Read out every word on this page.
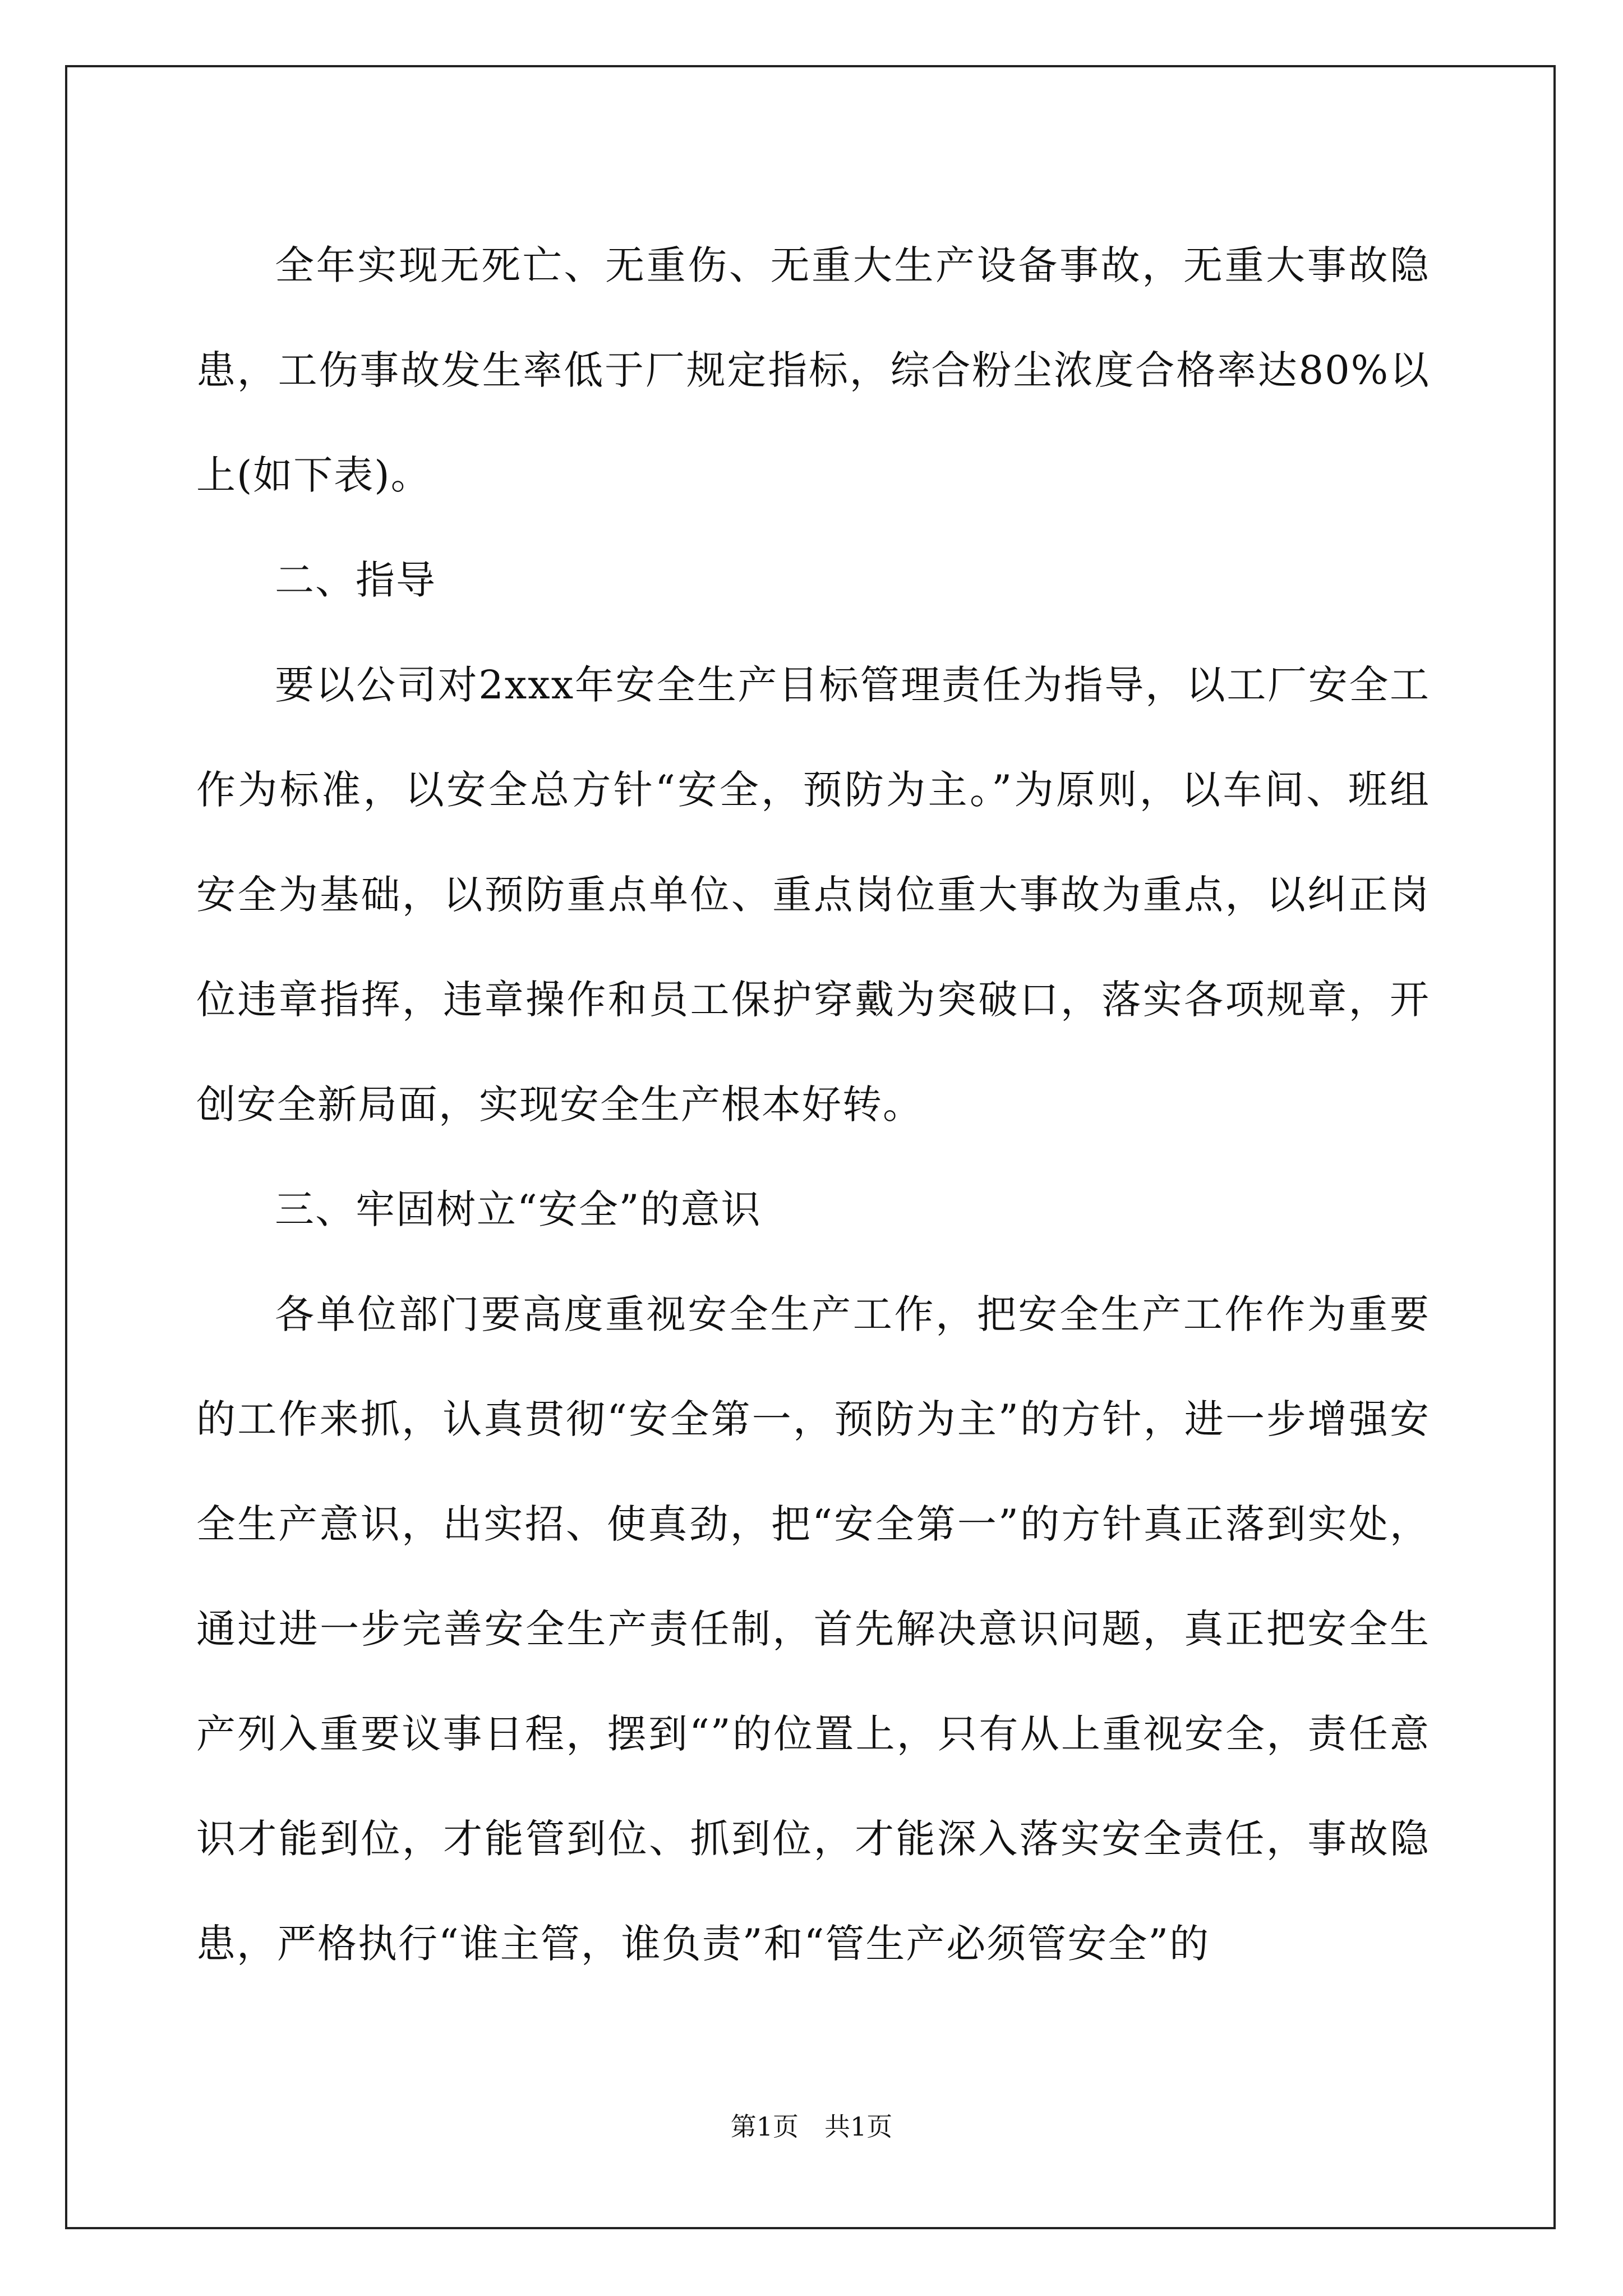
全年实现无死亡、无重伤、无重大生产设备事故，无重大事故隐患，工伤事故发生率低于厂规定指标，综合粉尘浓度合格率达80%以上(如下表)。

二、指导

要以公司对2xxx年安全生产目标管理责任为指导，以工厂安全工作为标准，以安全总方针“安全，预防为主。”为原则，以车间、班组安全为基础，以预防重点单位、重点岗位重大事故为重点，以纠正岗位违章指挥，违章操作和员工保护穿戴为突破口，落实各项规章，开创安全新局面，实现安全生产根本好转。

三、牢固树立“安全”的意识

各单位部门要高度重视安全生产工作，把安全生产工作作为重要的工作来抓，认真贯彻“安全第一，预防为主”的方针，进一步增强安全生产意识，出实招、使真劲，把“安全第一”的方针真正落到实处，通过进一步完善安全生产责任制，首先解决意识问题，真正把安全生产列入重要议事日程，摆到“”的位置上，只有从上重视安全，责任意识才能到位，才能管到位、抓到位，才能深入落实安全责任，事故隐患，严格执行“谁主管，谁负责”和“管生产必须管安全”的

第1页　共1页
